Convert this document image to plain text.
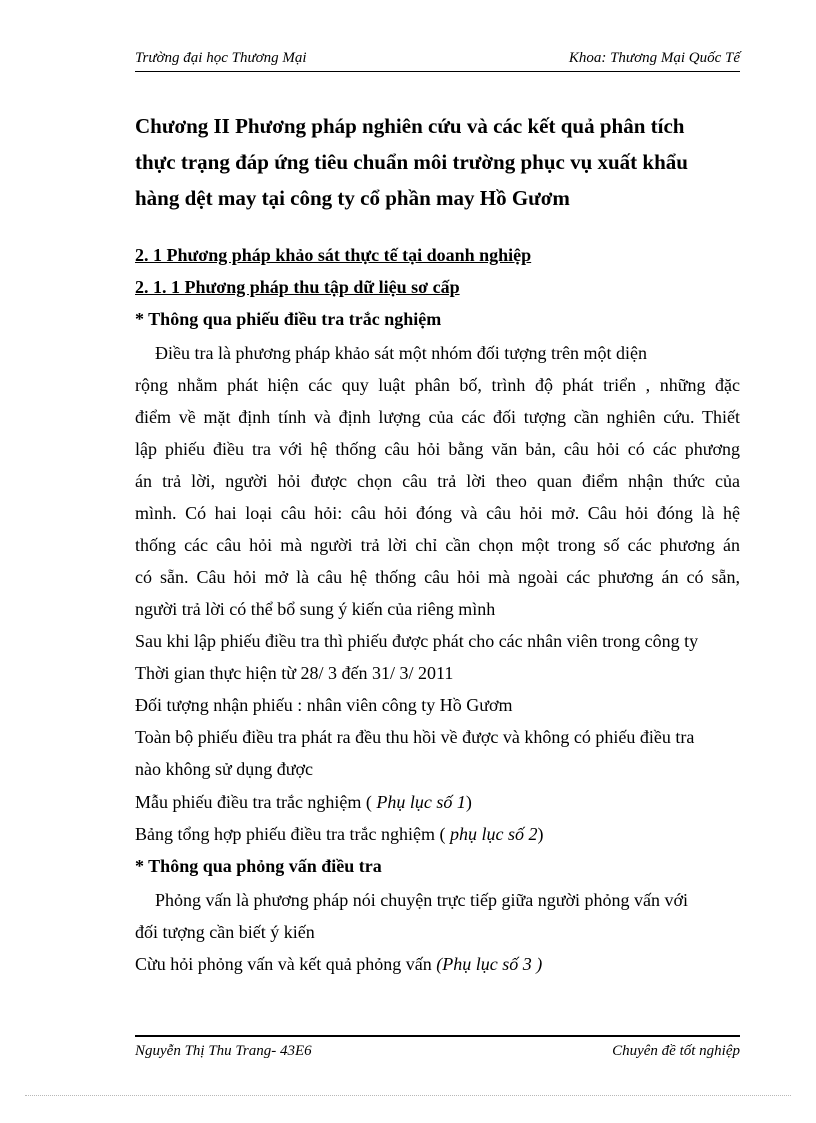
Trường đại học Thương Mại	Khoa: Thương Mại Quốc Tế
Chương II Phương pháp nghiên cứu và các kết quả phân tích
thực trạng đáp ứng tiêu chuẩn môi trường phục vụ xuất khẩu
hàng dệt may tại công ty cổ phần may Hồ Gươm
2. 1 Phương pháp khảo sát thực tế tại doanh nghiệp
2. 1. 1 Phương pháp thu tập dữ liệu sơ cấp
* Thông qua phiếu điều tra trắc nghiệm
Điều tra là phương pháp khảo sát một nhóm đối tượng trên một diện
rộng nhằm phát hiện các quy luật phân bố, trình độ phát triển , những đặc
điểm về mặt định tính và định lượng của các đối tượng cần nghiên cứu. Thiết
lập phiếu điều tra với hệ thống câu hỏi bằng văn bản, câu hỏi có các phương
án trả lời, người hỏi được chọn câu trả lời theo quan điểm nhận thức của
mình. Có hai loại câu hỏi: câu hỏi đóng và câu hỏi mở. Câu hỏi đóng là hệ
thống các câu hỏi mà người trả lời chỉ cần chọn một trong số các phương án
có sẵn. Câu hỏi mở là câu hệ thống câu hỏi mà ngoài các phương án có sẵn,
người trả lời có thể bổ sung ý kiến của riêng mình
Sau khi lập phiếu điều tra thì phiếu được phát cho các nhân viên trong công ty
Thời gian thực hiện từ 28/ 3 đến 31/ 3/ 2011
Đối tượng nhận phiếu : nhân viên công ty Hồ Gươm
Toàn bộ phiếu điều tra phát ra đều thu hồi về được và không có phiếu điều tra
nào không sử dụng được
Mẫu phiếu điều tra trắc nghiệm ( Phụ lục số 1)
Bảng tổng hợp phiếu điều tra trắc nghiệm ( phụ lục số 2)
* Thông qua phỏng vấn điều tra
Phỏng vấn là phương pháp nói chuyện trực tiếp giữa người phỏng vấn với
đối tượng cần biết ý kiến
Cừu hỏi phỏng vấn và kết quả phỏng vấn (Phụ lục số 3 )
Nguyễn Thị Thu Trang- 43E6	Chuyên đề tốt nghiệp
